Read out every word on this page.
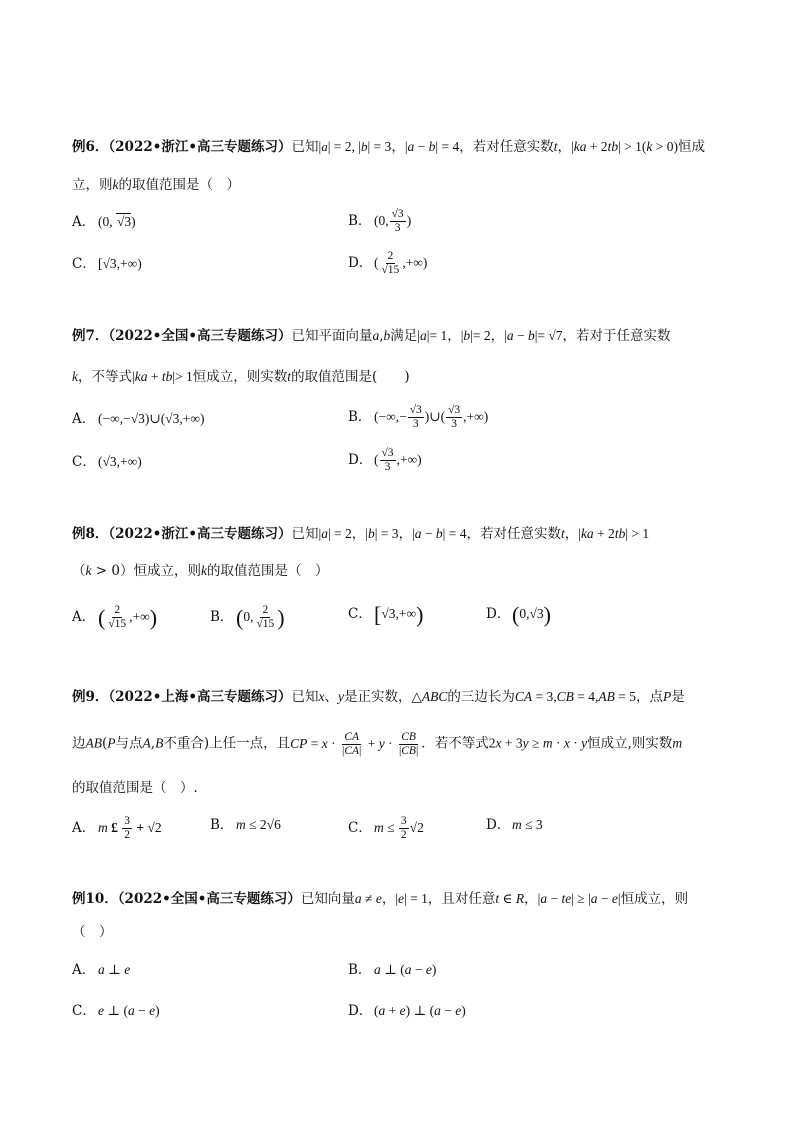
例6．（2022•浙江•高三专题练习）已知|a| = 2, |b| = 3，|a − b| = 4，若对任意实数t，|ka + 2tb| > 1(k > 0)恒成
立，则k的取值范围是（　）
A． (0, √3)	B． (0, $\frac{√3}{3}$ )
C． [√3,+∞)	D． ( $\frac{2}{√15}$ ,+∞)
例7．（2022•全国•高三专题练习）已知平面向量a,b满足|a|= 1，|b|= 2，|a − b|= √7，若对于任意实数
k，不等式|ka + tb|> 1恒成立，则实数t的取值范围是(　　)
A． (−∞,−√3)∪(√3,+∞)	B． (−∞,− $\frac{√3}{3}$ )∪( $\frac{√3}{3}$ ,+∞)
C． (√3,+∞)	D． ( $\frac{√3}{3}$ ,+∞)
例8．（2022•浙江•高三专题练习）已知|a| = 2，|b| = 3，|a − b| = 4，若对任意实数t，|ka + 2tb| > 1
（k > 0）恒成立，则k的取值范围是（　）
A． ( $\frac{2}{√15}$ ,+∞)	B． (0, $\frac{2}{√15}$ )	C．[√3,+∞)	D．(0,√3)
例9．（2022•上海•高三专题练习）已知x、y是正实数，△ABC的三边长为CA = 3,CB = 4,AB = 5，点P是
边AB(P与点A,B不重合)上任一点，且CP = $x \cdot \frac{CA}{|CA|} + y \cdot \frac{CB}{|CB|}$ ．若不等式2x + 3y ≥ m · x · y恒成立,则实数m
的取值范围是（　）.
A． m £ $\frac{3}{2} + √2$	B． m ≤ 2√6	C． $m \le \frac{3}{2} √2$	D． m ≤ 3
例10．（2022•全国•高三专题练习）已知向量a ≠ e，|e| = 1，且对任意t ∈ R，|a − te| ≥ |a − e|恒成立，则
（　）
A． a ⊥ e	B． a ⊥ (a − e)
C． e ⊥ (a − e)	D． (a + e) ⊥ (a − e)
